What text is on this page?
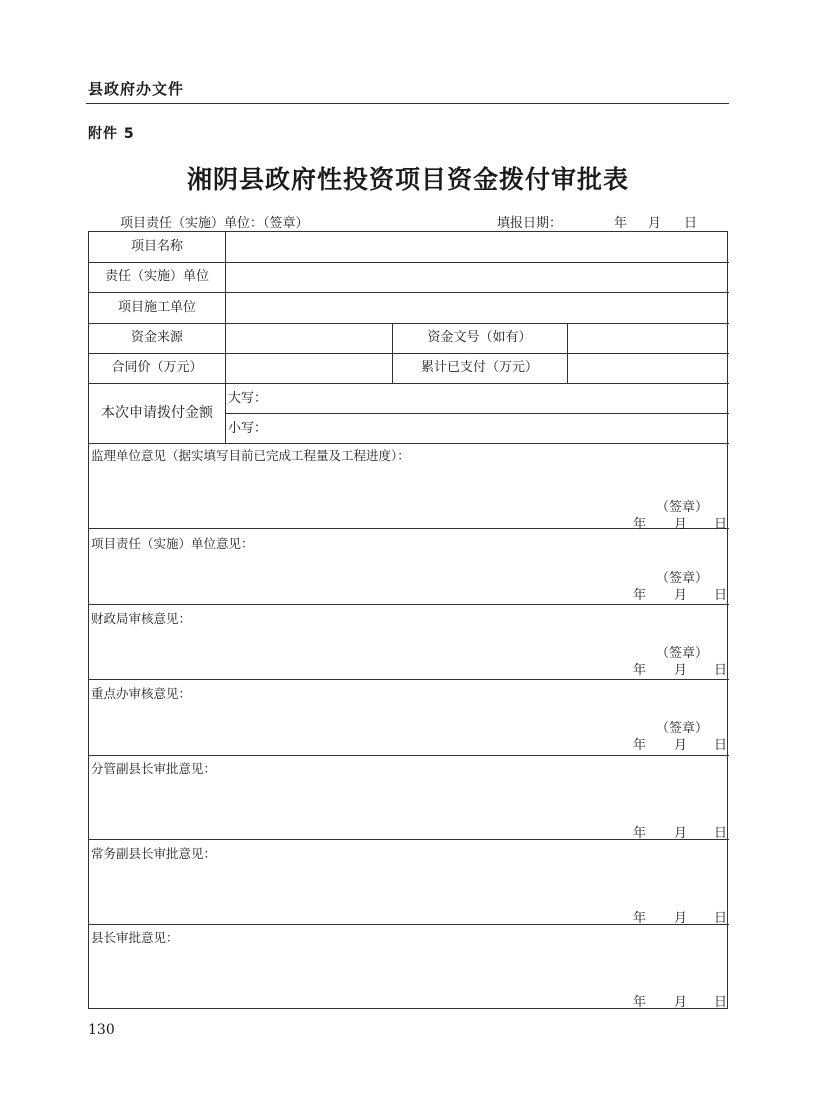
县政府办文件
附件 5
湘阴县政府性投资项目资金拨付审批表
项目责任（实施）单位：（签章）	填报日期：	年 月 日
项目名称
责任（实施）单位
项目施工单位
资金来源	资金文号（如有）
合同价（万元）	累计已支付（万元）
本次申请拨付金额
大写：
小写：
监理单位意见（据实填写目前已完成工程量及工程进度）：
（签章）
年 月 日
项目责任（实施）单位意见：
（签章）
年 月 日
财政局审核意见：
（签章）
年 月 日
重点办审核意见：
（签章）
年 月 日
分管副县长审批意见：
年 月 日
常务副县长审批意见：
年 月 日
县长审批意见：
年 月 日
130
